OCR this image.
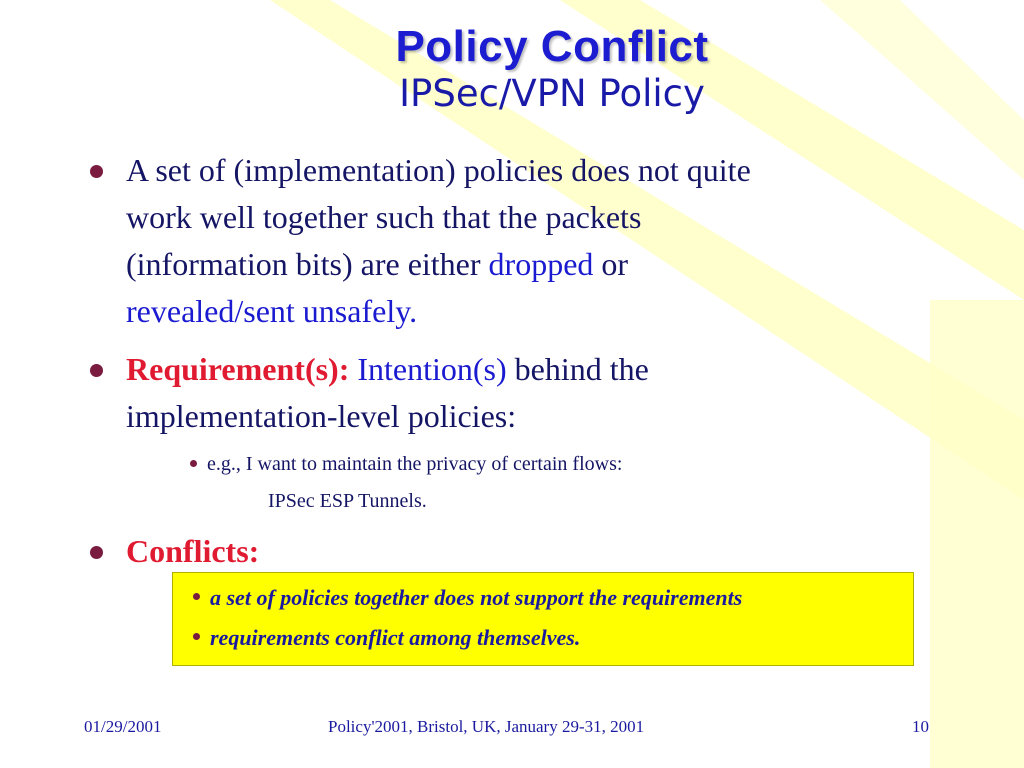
Policy Conflict
IPSec/VPN Policy
A set of (implementation) policies does not quite
work well together such that the packets
(information bits) are either dropped or
revealed/sent unsafely.
Requirement(s): Intention(s) behind the
implementation-level policies:
e.g., I want to maintain the privacy of certain flows:
IPSec ESP Tunnels.
Conflicts:
a set of policies together does not support the requirements
requirements conflict among themselves.
01/29/2001	Policy'2001, Bristol, UK, January 29-31, 2001	10
